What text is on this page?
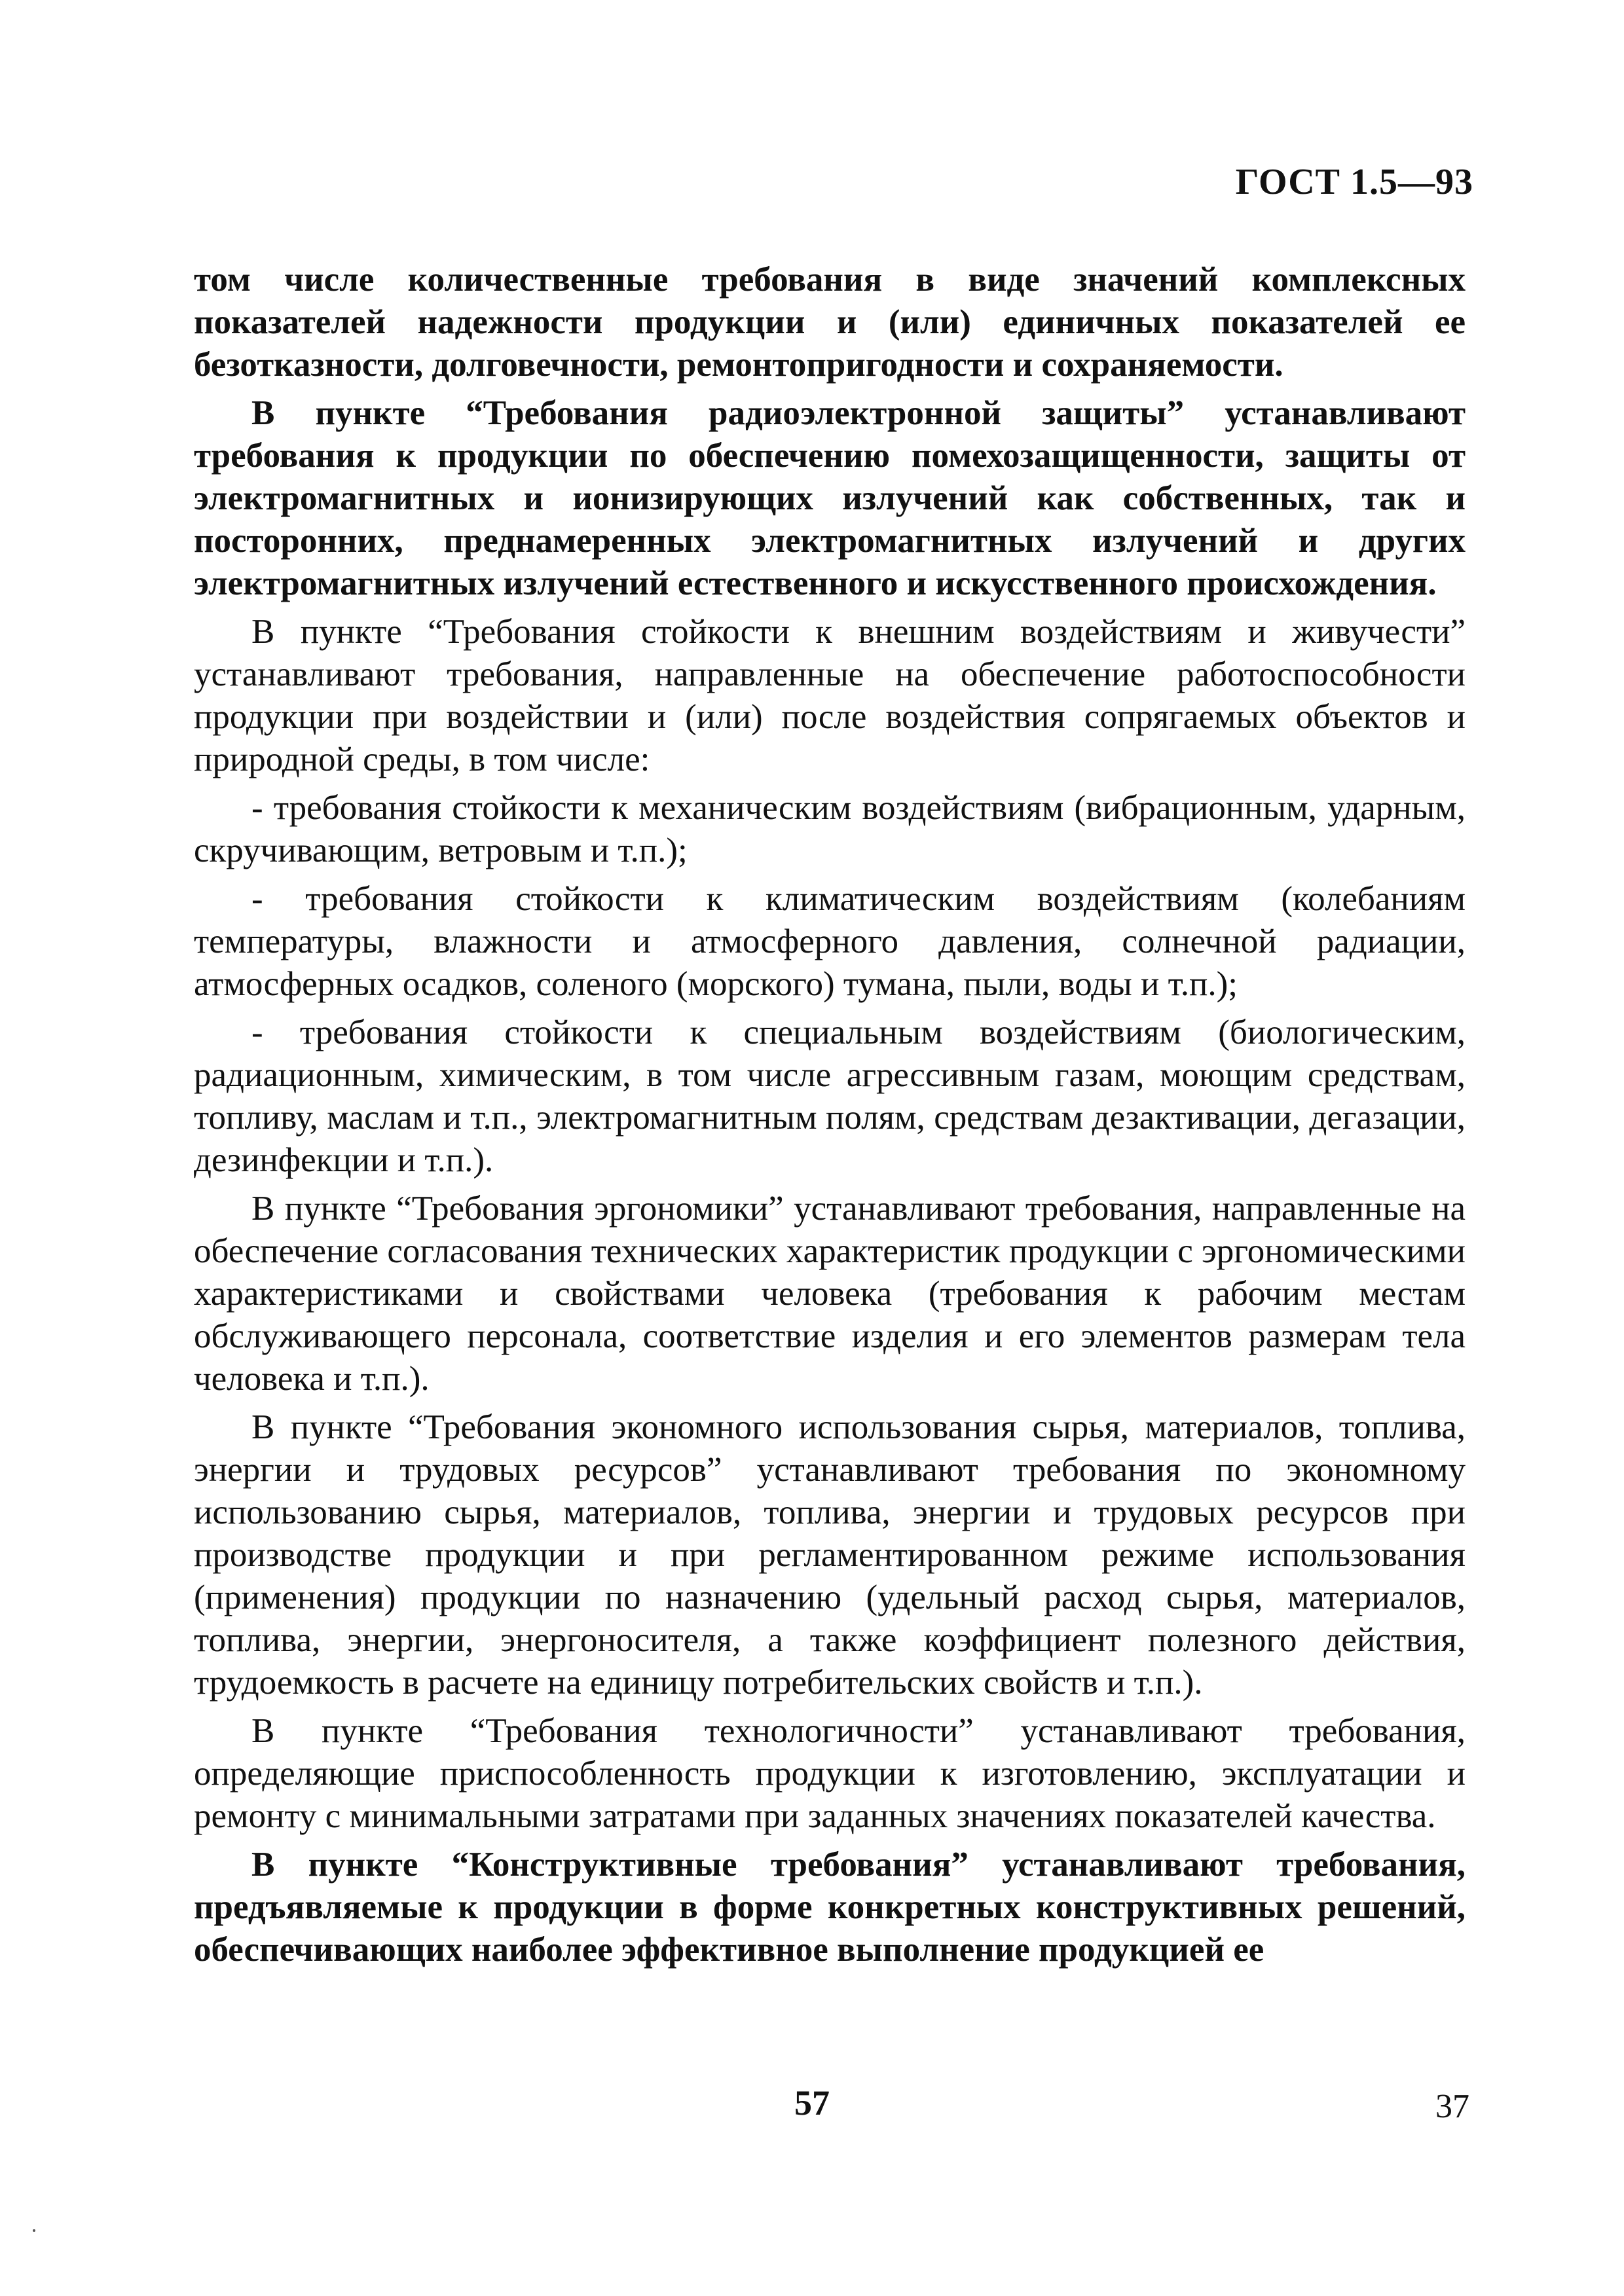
ГОСТ 1.5—93

том числе количественные требования в виде значений комплексных показателей надежности продукции и (или) единичных показателей ее безотказности, долговечности, ремонтопригодности и сохраняемости.

В пункте “Требования радиоэлектронной защиты” устанавливают требования к продукции по обеспечению помехозащищенности, защиты от электромагнитных и ионизирующих излучений как собственных, так и посторонних, преднамеренных электромагнитных излучений и других электромагнитных излучений естественного и искусственного происхождения.

В пункте “Требования стойкости к внешним воздействиям и живучести” устанавливают требования, направленные на обеспечение работоспособности продукции при воздействии и (или) после воздействия сопрягаемых объектов и природной среды, в том числе:

- требования стойкости к механическим воздействиям (вибрационным, ударным, скручивающим, ветровым и т.п.);

- требования стойкости к климатическим воздействиям (колебаниям температуры, влажности и атмосферного давления, солнечной радиации, атмосферных осадков, соленого (морского) тумана, пыли, воды и т.п.);

- требования стойкости к специальным воздействиям (биологическим, радиационным, химическим, в том числе агрессивным газам, моющим средствам, топливу, маслам и т.п., электромагнитным полям, средствам дезактивации, дегазации, дезинфекции и т.п.).

В пункте “Требования эргономики” устанавливают требования, направленные на обеспечение согласования технических характеристик продукции с эргономическими характеристиками и свойствами человека (требования к рабочим местам обслуживающего персонала, соответствие изделия и его элементов размерам тела человека и т.п.).

В пункте “Требования экономного использования сырья, материалов, топлива, энергии и трудовых ресурсов” устанавливают требования по экономному использованию сырья, материалов, топлива, энергии и трудовых ресурсов при производстве продукции и при регламентированном режиме использования (применения) продукции по назначению (удельный расход сырья, материалов, топлива, энергии, энергоносителя, а также коэффициент полезного действия, трудоемкость в расчете на единицу потребительских свойств и т.п.).

В пункте “Требования технологичности” устанавливают требования, определяющие приспособленность продукции к изготовлению, эксплуатации и ремонту с минимальными затратами при заданных значениях показателей качества.

В пункте “Конструктивные требования” устанавливают требования, предъявляемые к продукции в форме конкретных конструктивных решений, обеспечивающих наиболее эффективное выполнение продукцией ее

57	37
